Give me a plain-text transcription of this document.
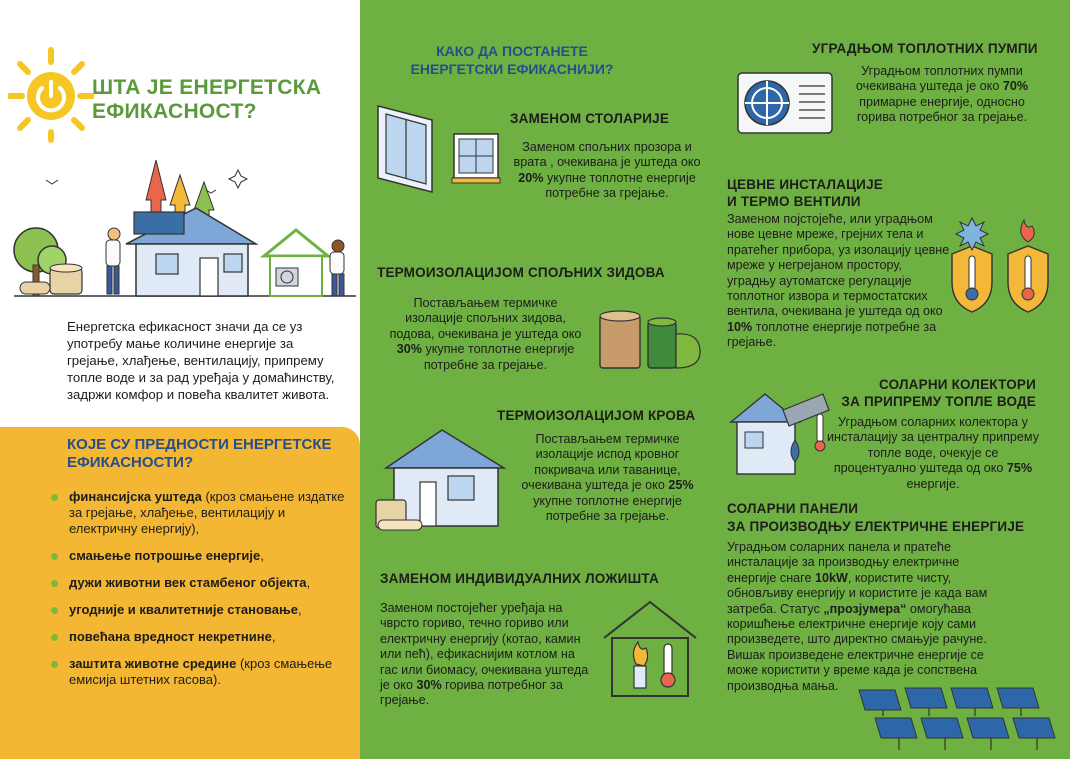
ШТА ЈЕ ЕНЕРГЕТСКА ЕФИКАСНОСТ?

Енергетска ефикасност значи да се уз употребу мање количине енергије за грејање, хлађење, вентилацију, припрему топле воде и за рад уређаја у домаћинству, задржи комфор и повећа квалитет живота.

КОЈЕ СУ ПРЕДНОСТИ ЕНЕРГЕТСКЕ ЕФИКАСНОСТИ?
финансијска уштеда (кроз смањене издатке за грејање, хлађење, вентилацију и електричну енергију),
смањење потрошње енергије,
дужи животни век стамбеног објекта,
угодније и квалитетније становање,
повећана вредност некретнине,
заштита животне средине (кроз смањење емисија штетних гасова).
КАКО ДА ПОСТАНЕТЕ ЕНЕРГЕТСКИ ЕФИКАСНИЈИ?
ЗАМЕНОМ СТОЛАРИЈЕ

Заменом спољних прозора и врата , очекивана је уштеда око 20% укупне топлотне енергије потребне за грејање.

ТЕРМОИЗОЛАЦИЈОМ СПОЉНИХ ЗИДОВА

Постављањем термичке изолације спољних зидова, подова, очекивана је уштеда око 30% укупне топлотне енергије потребне за грејање.

ТЕРМОИЗОЛАЦИЈОМ КРОВА

Постављањем термичке изолације испод кровног покривача или таванице, очекивана уштеда је око 25% укупне топлотне енергије потребне за грејање.

ЗАМЕНОМ ИНДИВИДУАЛНИХ ЛОЖИШТА

Заменом постојећег уређаја на чврсто гориво, течно гориво или електричну енергију (котао, камин или пећ), ефикаснијим котлом на гас или биомасу, очекивана уштеда је око 30% горива потребног за грејање.

УГРАДЊОМ ТОПЛОТНИХ ПУМПИ

Уградњом топлотних пумпи очекивана уштеда је око 70% примарне енергије, односно горива потребног за грејање.

ЦЕВНЕ ИНСТАЛАЦИЈЕ
И ТЕРМО ВЕНТИЛИ

Заменом појстојеће, или уградњом нове цевне мреже, грејних тела и пратећег прибора, уз изолацију цевне мреже у негрејаном простору, уградњу аутоматске регулације топлотног извора и термостатских вентила, очекивана је уштеда од око 10% топлотне енергије потребне за грејање.

СОЛАРНИ КОЛЕКТОРИ
ЗА ПРИПРЕМУ ТОПЛЕ ВОДЕ

Уградњом соларних колектора у инсталацију за централну припрему топле воде, очекује се процентуално уштеда од око 75% енергије.

СОЛАРНИ ПАНЕЛИ
ЗА ПРОИЗВОДЊУ ЕЛЕКТРИЧНЕ ЕНЕРГИЈЕ

Уградњом соларних панела и пратеће инсталације за производњу електричне енергије снаге 10kW, користите чисту, обновљиву енергију и користите је када вам затреба. Статус „прозјумера“ омогућава коришћење електричне енергије коју сами произведете, што директно смањује рачуне. Вишак произведене електричне енергије се може користити у време када је сопствена производња мања.
